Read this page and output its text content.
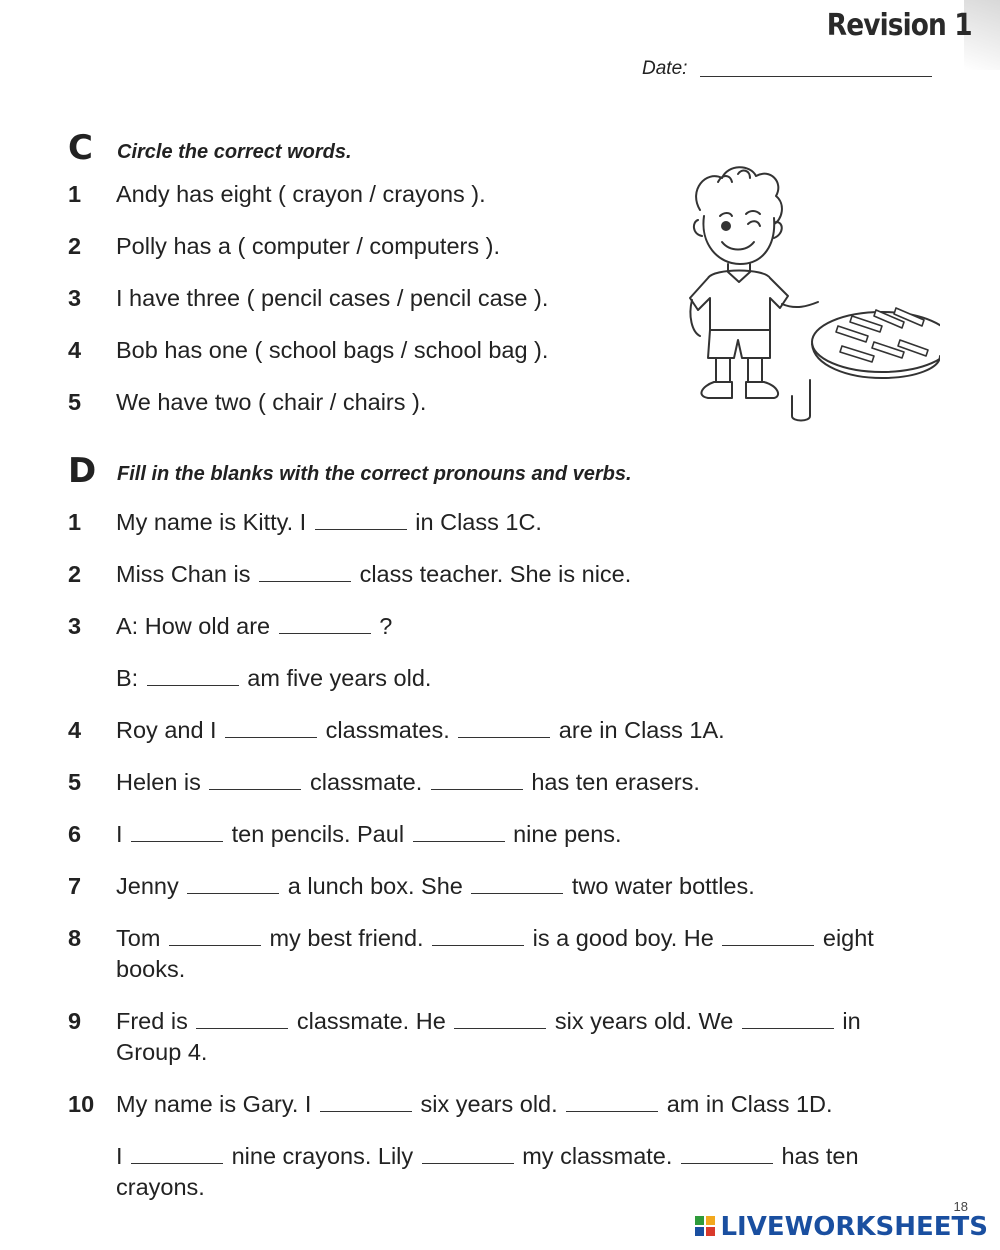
Revision 1
Date:
C Circle the correct words.
1 Andy has eight ( crayon / crayons ).
2 Polly has a ( computer / computers ).
3 I have three ( pencil cases / pencil case ).
4 Bob has one ( school bags / school bag ).
5 We have two ( chair / chairs ).
D Fill in the blanks with the correct pronouns and verbs.
1 My name is Kitty. I	in Class 1C.
2 Miss Chan is	class teacher. She is nice.
3 A: How old are	?
B:	am five years old.
4 Roy and I	classmates.	are in Class 1A.
5 Helen is	classmate.	has ten erasers.
6 I	ten pencils. Paul	nine pens.
7 Jenny	a lunch box. She	two water bottles.
8 Tom	my best friend.	is a good boy. He	eight
books.
9 Fred is	classmate. He	six years old. We	in
Group 4.
10 My name is Gary. I	six years old.	am in Class 1D.
I	nine crayons. Lily	my classmate.	has ten
crayons.
18
LIVEWORKSHEETS
